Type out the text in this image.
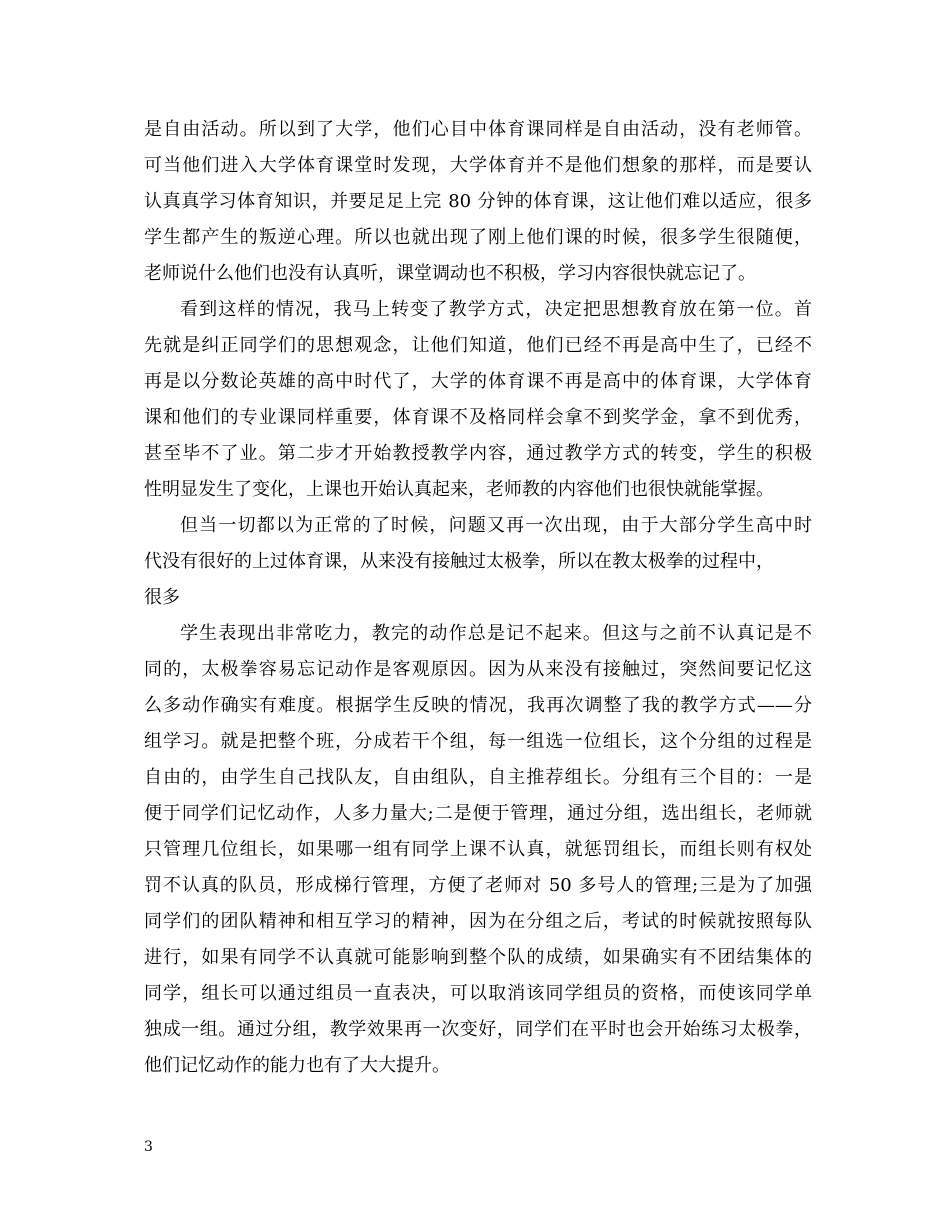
是自由活动。所以到了大学，他们心目中体育课同样是自由活动，没有老师管。
可当他们进入大学体育课堂时发现，大学体育并不是他们想象的那样，而是要认
认真真学习体育知识，并要足足上完 80 分钟的体育课，这让他们难以适应，很多
学生都产生的叛逆心理。所以也就出现了刚上他们课的时候，很多学生很随便，
老师说什么他们也没有认真听，课堂调动也不积极，学习内容很快就忘记了。
看到这样的情况，我马上转变了教学方式，决定把思想教育放在第一位。首
先就是纠正同学们的思想观念，让他们知道，他们已经不再是高中生了，已经不
再是以分数论英雄的高中时代了，大学的体育课不再是高中的体育课，大学体育
课和他们的专业课同样重要，体育课不及格同样会拿不到奖学金，拿不到优秀，
甚至毕不了业。第二步才开始教授教学内容，通过教学方式的转变，学生的积极
性明显发生了变化，上课也开始认真起来，老师教的内容他们也很快就能掌握。
但当一切都以为正常的了时候，问题又再一次出现，由于大部分学生高中时
代没有很好的上过体育课，从来没有接触过太极拳，所以在教太极拳的过程中，
很多
学生表现出非常吃力，教完的动作总是记不起来。但这与之前不认真记是不
同的，太极拳容易忘记动作是客观原因。因为从来没有接触过，突然间要记忆这
么多动作确实有难度。根据学生反映的情况，我再次调整了我的教学方式——分
组学习。就是把整个班，分成若干个组，每一组选一位组长，这个分组的过程是
自由的，由学生自己找队友，自由组队，自主推荐组长。分组有三个目的：一是
便于同学们记忆动作，人多力量大;二是便于管理，通过分组，选出组长，老师就
只管理几位组长，如果哪一组有同学上课不认真，就惩罚组长，而组长则有权处
罚不认真的队员，形成梯行管理，方便了老师对 50 多号人的管理;三是为了加强
同学们的团队精神和相互学习的精神，因为在分组之后，考试的时候就按照每队
进行，如果有同学不认真就可能影响到整个队的成绩，如果确实有不团结集体的
同学，组长可以通过组员一直表决，可以取消该同学组员的资格，而使该同学单
独成一组。通过分组，教学效果再一次变好，同学们在平时也会开始练习太极拳，
他们记忆动作的能力也有了大大提升。
3
